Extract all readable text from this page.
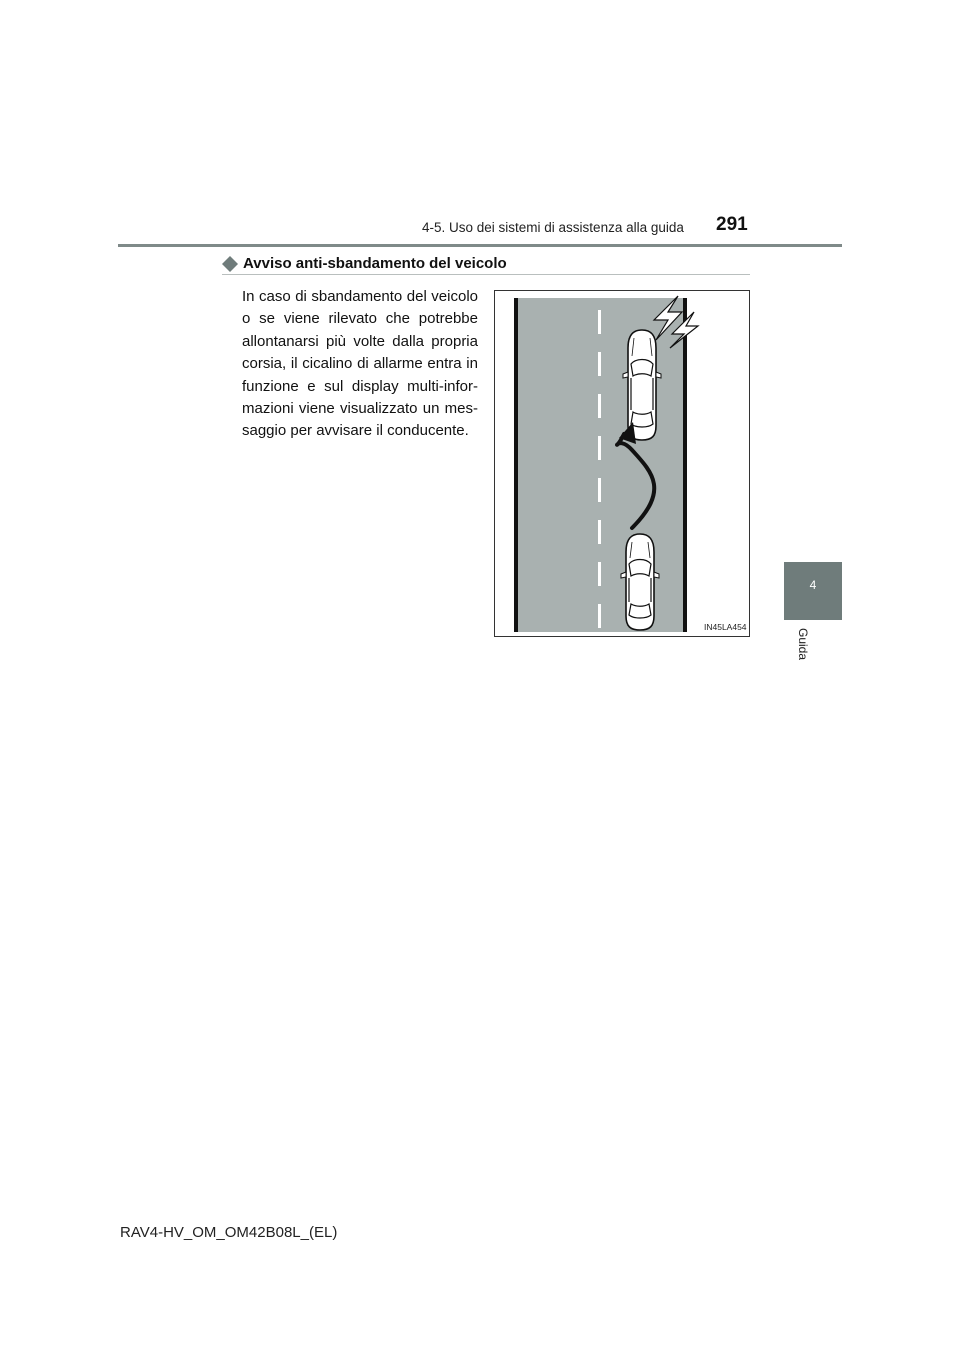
4-5. Uso dei sistemi di assistenza alla guida	291
4
Guida
Avviso anti-sbandamento del veicolo
In caso di sbandamento del veicolo o se viene rilevato che potrebbe allontanarsi più volte dalla propria corsia, il cicalino di allarme entra in funzione e sul display multi-infor-mazioni viene visualizzato un mes-saggio per avvisare il conducente.
IN45LA454
RAV4-HV_OM_OM42B08L_(EL)
